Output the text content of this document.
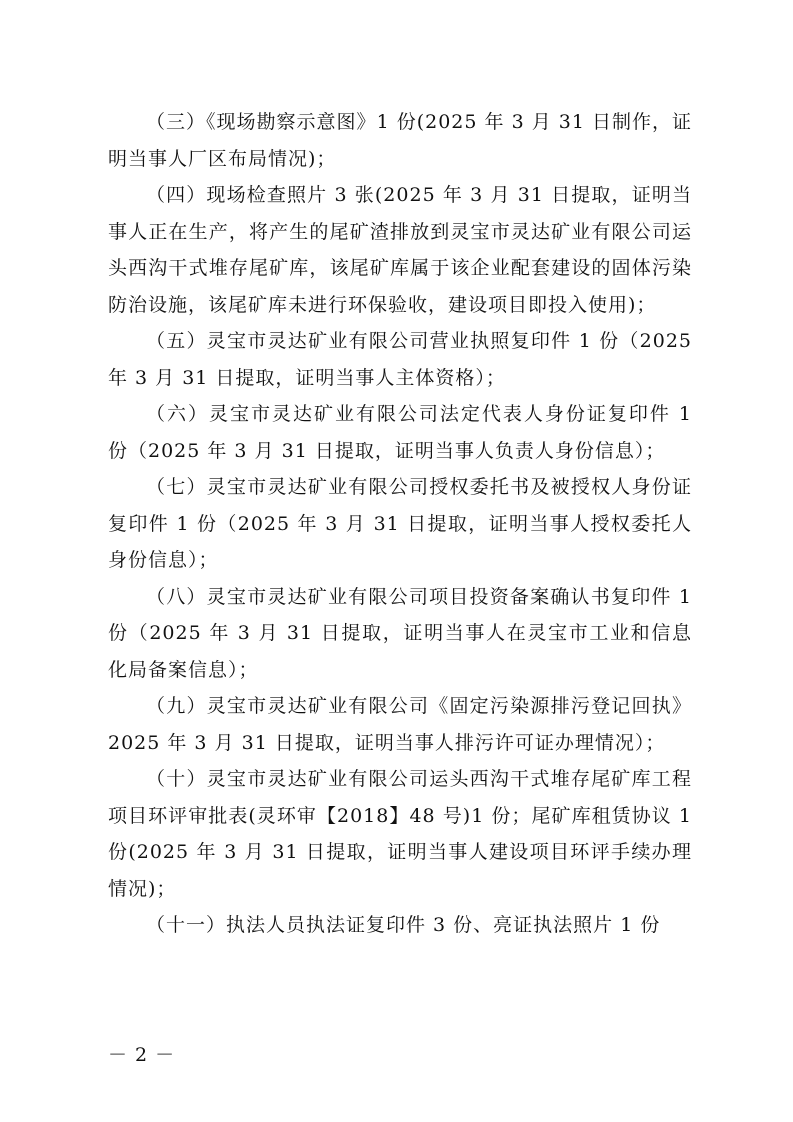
（三）《现场勘察示意图》1 份(2025 年 3 月 31 日制作，证明当事人厂区布局情况)；

（四）现场检查照片 3 张(2025 年 3 月 31 日提取，证明当事人正在生产，将产生的尾矿渣排放到灵宝市灵达矿业有限公司运头西沟干式堆存尾矿库，该尾矿库属于该企业配套建设的固体污染防治设施，该尾矿库未进行环保验收，建设项目即投入使用)；

（五）灵宝市灵达矿业有限公司营业执照复印件 1 份（2025 年 3 月 31 日提取，证明当事人主体资格）；

（六）灵宝市灵达矿业有限公司法定代表人身份证复印件 1 份（2025 年 3 月 31 日提取，证明当事人负责人身份信息）；

（七）灵宝市灵达矿业有限公司授权委托书及被授权人身份证复印件 1 份（2025 年 3 月 31 日提取，证明当事人授权委托人身份信息）；

（八）灵宝市灵达矿业有限公司项目投资备案确认书复印件 1 份（2025 年 3 月 31 日提取，证明当事人在灵宝市工业和信息化局备案信息）；

（九）灵宝市灵达矿业有限公司《固定污染源排污登记回执》2025 年 3 月 31 日提取，证明当事人排污许可证办理情况）；

（十）灵宝市灵达矿业有限公司运头西沟干式堆存尾矿库工程项目环评审批表(灵环审【2018】48 号)1 份；尾矿库租赁协议 1 份(2025 年 3 月 31 日提取，证明当事人建设项目环评手续办理情况)；

（十一）执法人员执法证复印件 3 份、亮证执法照片 1 份

－ 2 －
